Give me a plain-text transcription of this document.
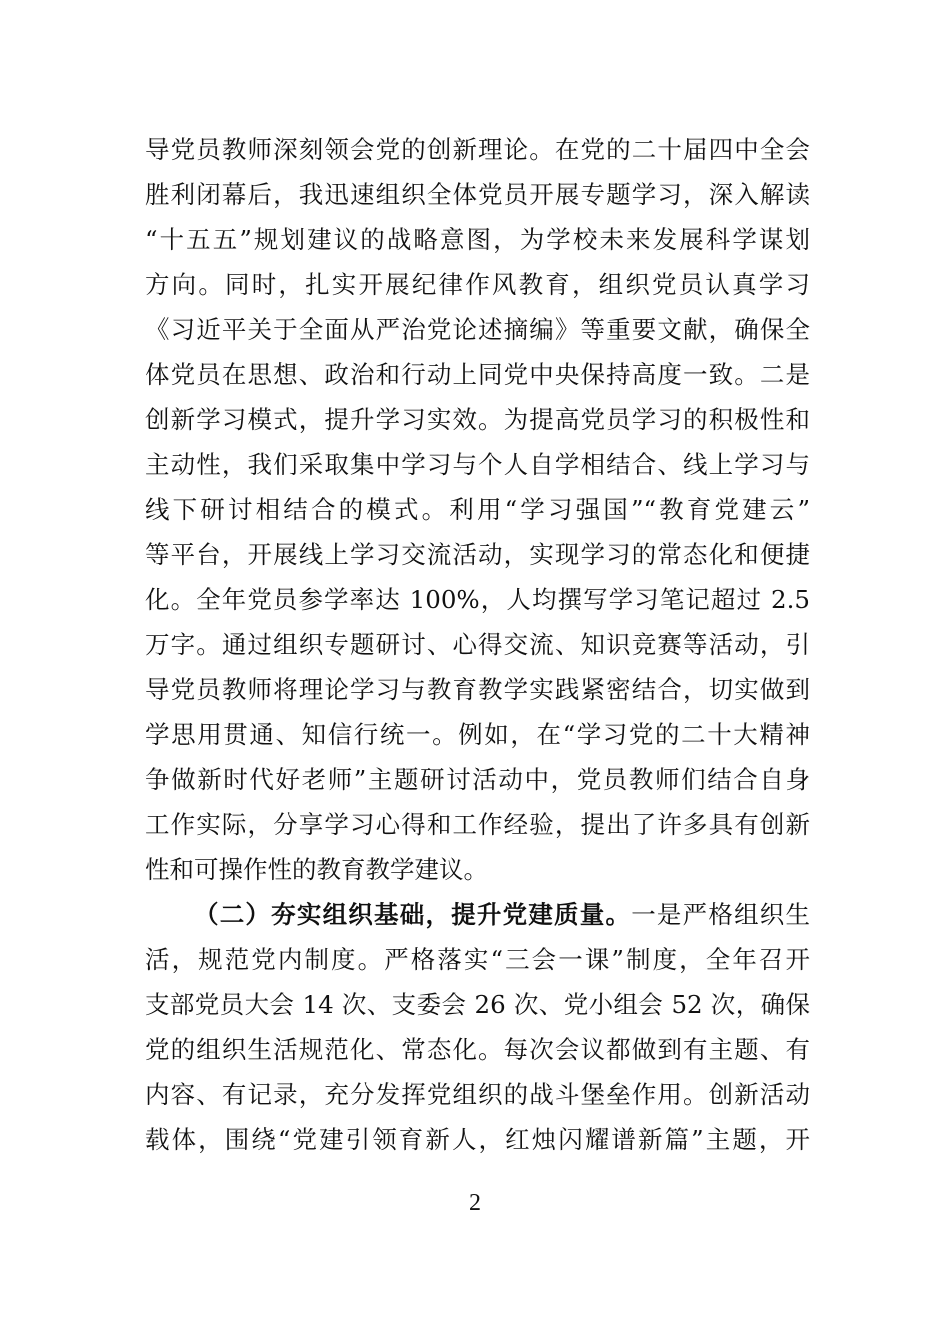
导党员教师深刻领会党的创新理论。在党的二十届四中全会
胜利闭幕后，我迅速组织全体党员开展专题学习，深入解读
“十五五”规划建议的战略意图，为学校未来发展科学谋划
方向。同时，扎实开展纪律作风教育，组织党员认真学习
《习近平关于全面从严治党论述摘编》等重要文献，确保全
体党员在思想、政治和行动上同党中央保持高度一致。二是
创新学习模式，提升学习实效。为提高党员学习的积极性和
主动性，我们采取集中学习与个人自学相结合、线上学习与
线下研讨相结合的模式。利用“学习强国”“教育党建云”
等平台，开展线上学习交流活动，实现学习的常态化和便捷
化。全年党员参学率达 100%，人均撰写学习笔记超过 2.5
万字。通过组织专题研讨、心得交流、知识竞赛等活动，引
导党员教师将理论学习与教育教学实践紧密结合，切实做到
学思用贯通、知信行统一。例如，在“学习党的二十大精神
争做新时代好老师”主题研讨活动中，党员教师们结合自身
工作实际，分享学习心得和工作经验，提出了许多具有创新
性和可操作性的教育教学建议。
（二）夯实组织基础，提升党建质量。一是严格组织生
活，规范党内制度。严格落实“三会一课”制度，全年召开
支部党员大会 14 次、支委会 26 次、党小组会 52 次，确保
党的组织生活规范化、常态化。每次会议都做到有主题、有
内容、有记录，充分发挥党组织的战斗堡垒作用。创新活动
载体，围绕“党建引领育新人，红烛闪耀谱新篇”主题，开
2
